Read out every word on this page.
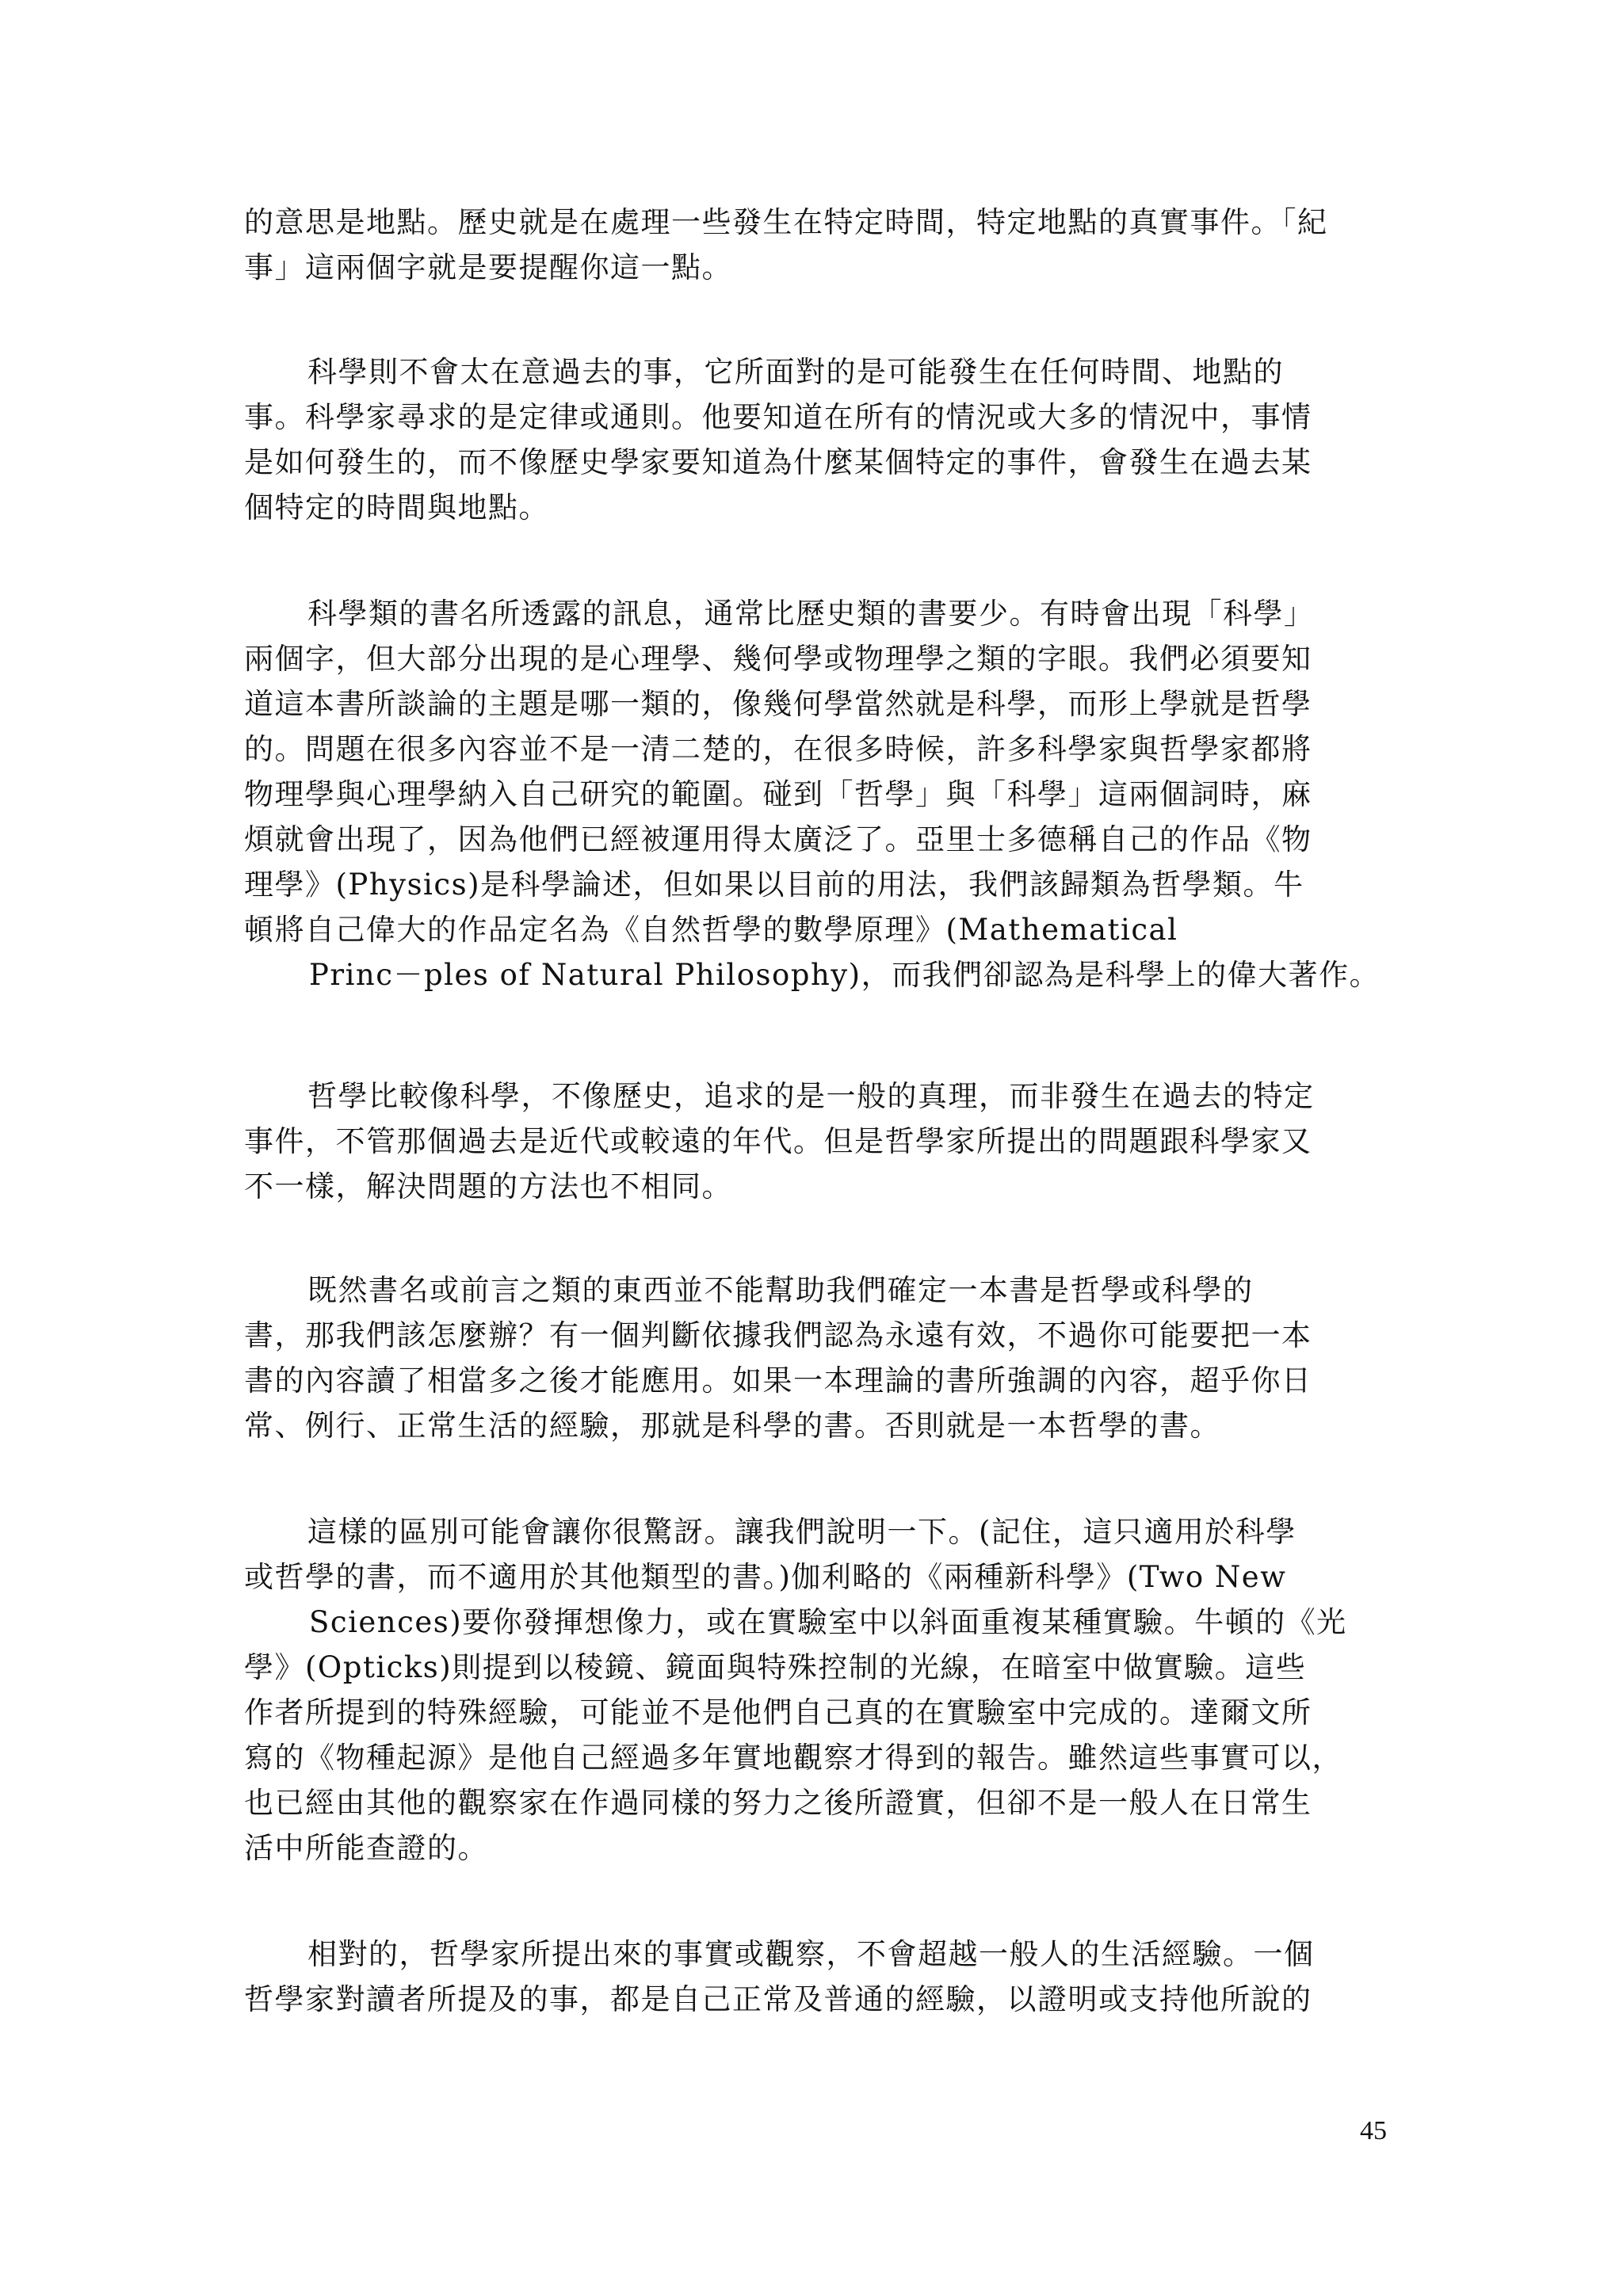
的意思是地點。歷史就是在處理一些發生在特定時間，特定地點的真實事件。「紀
事」這兩個字就是要提醒你這一點。
科學則不會太在意過去的事，它所面對的是可能發生在任何時間、地點的
事。科學家尋求的是定律或通則。他要知道在所有的情況或大多的情況中，事情
是如何發生的，而不像歷史學家要知道為什麼某個特定的事件，會發生在過去某
個特定的時間與地點。
科學類的書名所透露的訊息，通常比歷史類的書要少。有時會出現「科學」
兩個字，但大部分出現的是心理學、幾何學或物理學之類的字眼。我們必須要知
道這本書所談論的主題是哪一類的，像幾何學當然就是科學，而形上學就是哲學
的。問題在很多內容並不是一清二楚的，在很多時候，許多科學家與哲學家都將
物理學與心理學納入自己研究的範圍。碰到「哲學」與「科學」這兩個詞時，麻
煩就會出現了，因為他們已經被運用得太廣泛了。亞里士多德稱自己的作品《物
理學》(Physics)是科學論述，但如果以目前的用法，我們該歸類為哲學類。牛
頓將自己偉大的作品定名為《自然哲學的數學原理》(Mathematical
Princ－ples of Natural Philosophy)，而我們卻認為是科學上的偉大著作。
哲學比較像科學，不像歷史，追求的是一般的真理，而非發生在過去的特定
事件，不管那個過去是近代或較遠的年代。但是哲學家所提出的問題跟科學家又
不一樣，解決問題的方法也不相同。
既然書名或前言之類的東西並不能幫助我們確定一本書是哲學或科學的
書，那我們該怎麼辦？有一個判斷依據我們認為永遠有效，不過你可能要把一本
書的內容讀了相當多之後才能應用。如果一本理論的書所強調的內容，超乎你日
常、例行、正常生活的經驗，那就是科學的書。否則就是一本哲學的書。
這樣的區別可能會讓你很驚訝。讓我們說明一下。(記住，這只適用於科學
或哲學的書，而不適用於其他類型的書。)伽利略的《兩種新科學》(Two New
Sciences)要你發揮想像力，或在實驗室中以斜面重複某種實驗。牛頓的《光
學》(Opticks)則提到以稜鏡、鏡面與特殊控制的光線，在暗室中做實驗。這些
作者所提到的特殊經驗，可能並不是他們自己真的在實驗室中完成的。達爾文所
寫的《物種起源》是他自己經過多年實地觀察才得到的報告。雖然這些事實可以，
也已經由其他的觀察家在作過同樣的努力之後所證實，但卻不是一般人在日常生
活中所能查證的。
相對的，哲學家所提出來的事實或觀察，不會超越一般人的生活經驗。一個
哲學家對讀者所提及的事，都是自己正常及普通的經驗，以證明或支持他所說的
45
